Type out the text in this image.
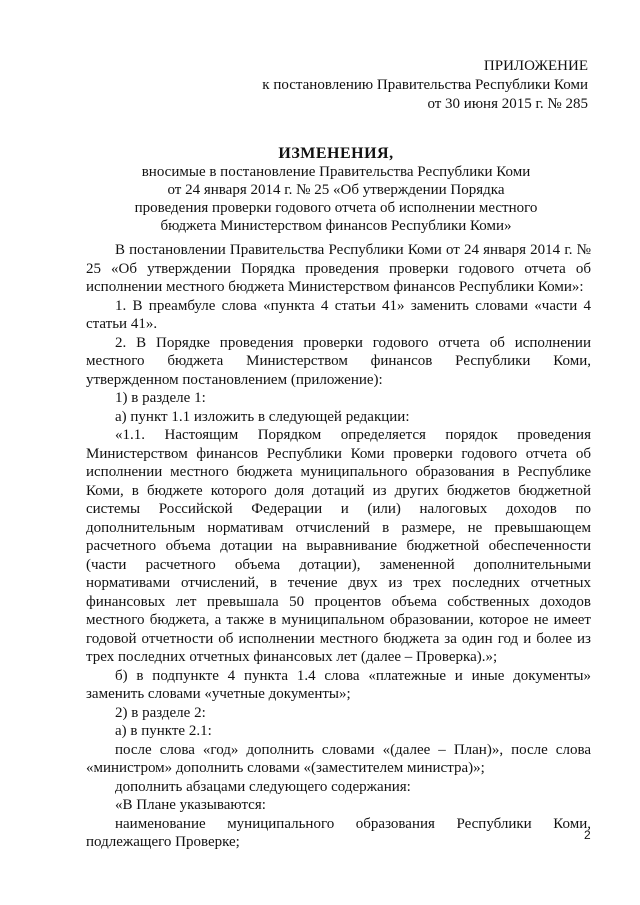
ПРИЛОЖЕНИЕ
к постановлению Правительства Республики Коми
от 30 июня 2015 г. № 285
ИЗМЕНЕНИЯ,
вносимые в постановление Правительства Республики Коми
от 24 января 2014 г. № 25 «Об утверждении Порядка
проведения проверки годового отчета об исполнении местного
бюджета Министерством финансов Республики Коми»

В постановлении Правительства Республики Коми от 24 января 2014 г. № 25 «Об утверждении Порядка проведения проверки годового отчета об исполнении местного бюджета Министерством финансов Республики Коми»:

1. В преамбуле слова «пункта 4 статьи 41» заменить словами «части 4 статьи 41».

2. В Порядке проведения проверки годового отчета об исполнении местного бюджета Министерством финансов Республики Коми, утвержденном постановлением (приложение):

1) в разделе 1:

а) пункт 1.1 изложить в следующей редакции:

«1.1. Настоящим Порядком определяется порядок проведения Министерством финансов Республики Коми проверки годового отчета об исполнении местного бюджета муниципального образования в Республике Коми, в бюджете которого доля дотаций из других бюджетов бюджетной системы Российской Федерации и (или) налоговых доходов по дополнительным нормативам отчислений в размере, не превышающем расчетного объема дотации на выравнивание бюджетной обеспеченности (части расчетного объема дотации), замененной дополнительными нормативами отчислений, в течение двух из трех последних отчетных финансовых лет превышала 50 процентов объема собственных доходов местного бюджета, а также в муниципальном образовании, которое не имеет годовой отчетности об исполнении местного бюджета за один год и более из трех последних отчетных финансовых лет (далее – Проверка).»;

б) в подпункте 4 пункта 1.4 слова «платежные и иные документы» заменить словами «учетные документы»;

2) в разделе 2:

а) в пункте 2.1:

после слова «год» дополнить словами «(далее – План)», после слова «министром» дополнить словами «(заместителем министра)»;

дополнить абзацами следующего содержания:

«В Плане указываются:

наименование муниципального образования Республики Коми, подлежащего Проверке;	2
